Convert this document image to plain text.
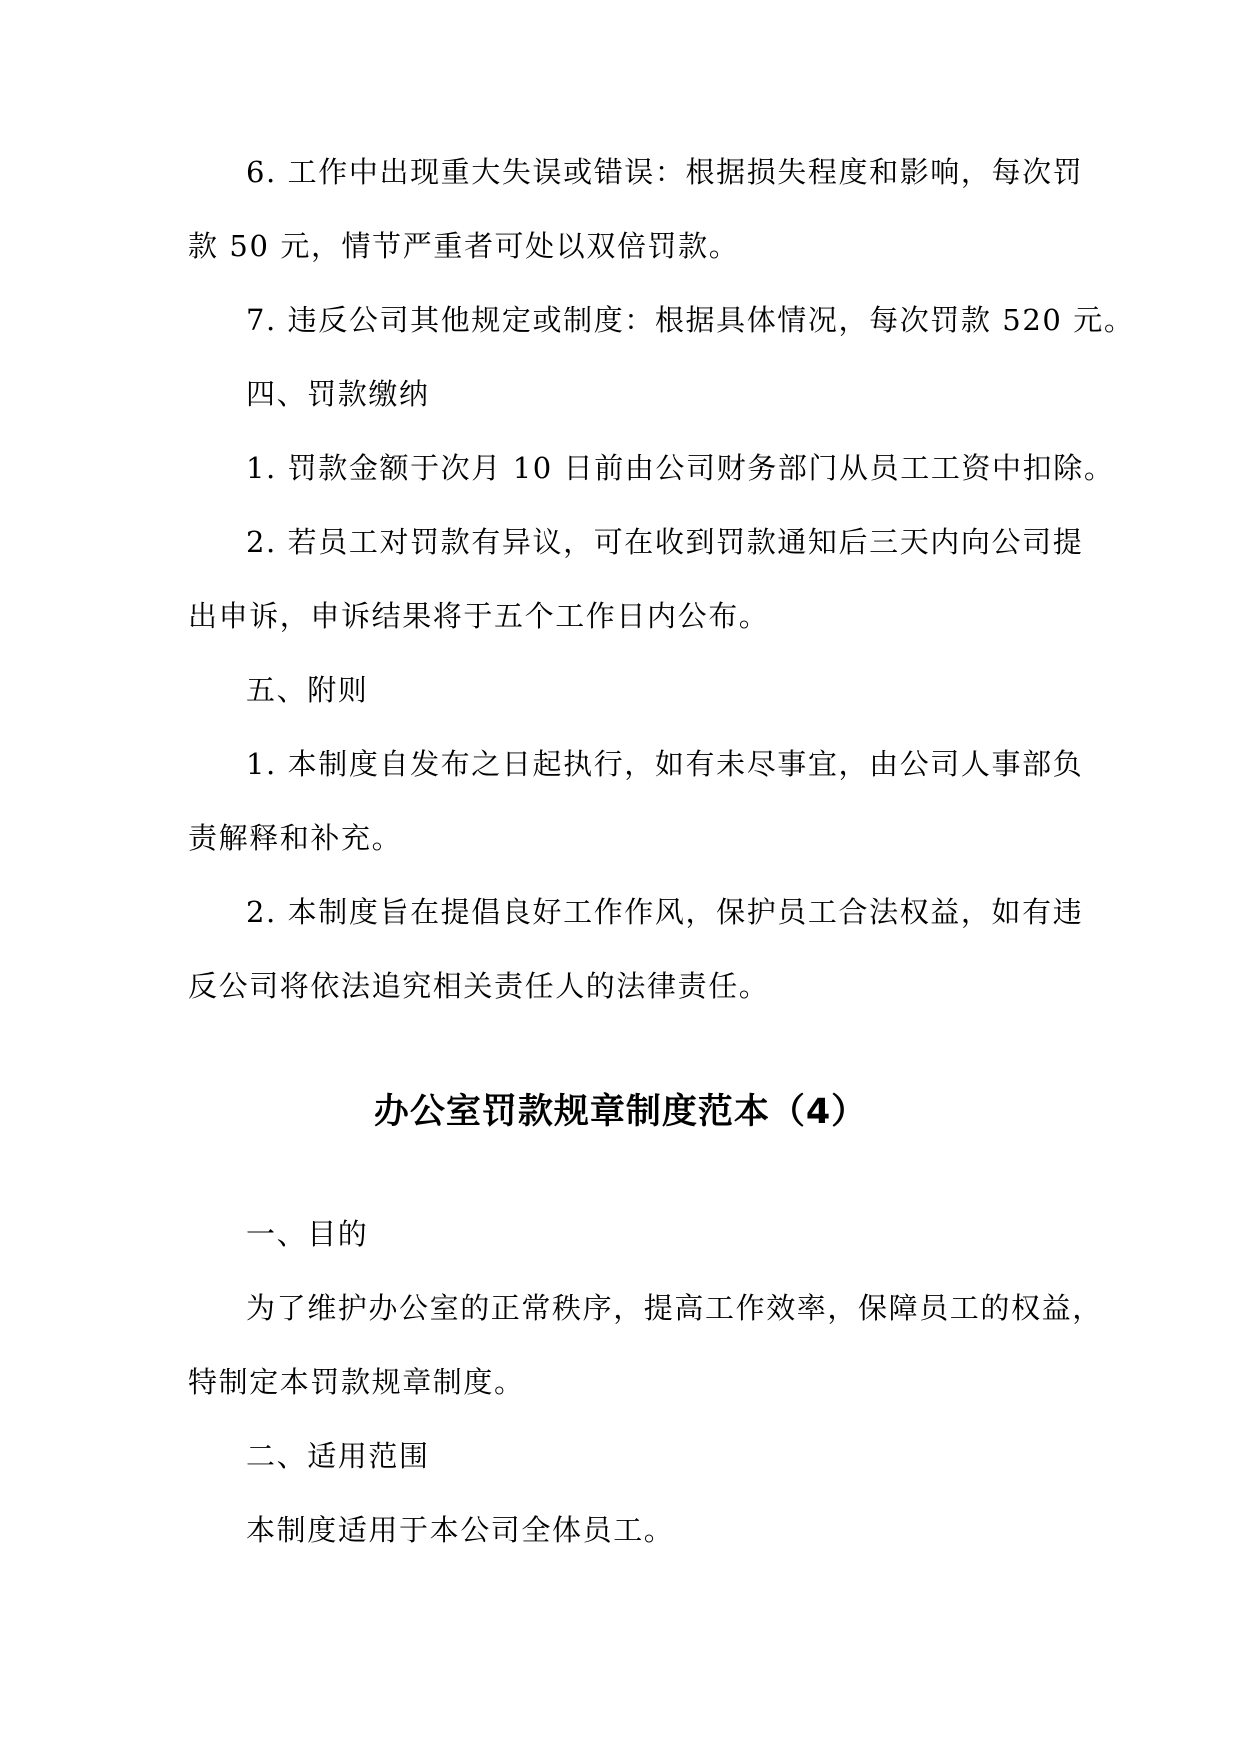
6. 工作中出现重大失误或错误：根据损失程度和影响，每次罚
款 50 元，情节严重者可处以双倍罚款。
7. 违反公司其他规定或制度：根据具体情况，每次罚款 520 元。
四、罚款缴纳
1. 罚款金额于次月 10 日前由公司财务部门从员工工资中扣除。
2. 若员工对罚款有异议，可在收到罚款通知后三天内向公司提
出申诉，申诉结果将于五个工作日内公布。
五、附则
1. 本制度自发布之日起执行，如有未尽事宜，由公司人事部负
责解释和补充。
2. 本制度旨在提倡良好工作作风，保护员工合法权益，如有违
反公司将依法追究相关责任人的法律责任。
办公室罚款规章制度范本（4）
一、目的
为了维护办公室的正常秩序，提高工作效率，保障员工的权益，
特制定本罚款规章制度。
二、适用范围
本制度适用于本公司全体员工。
